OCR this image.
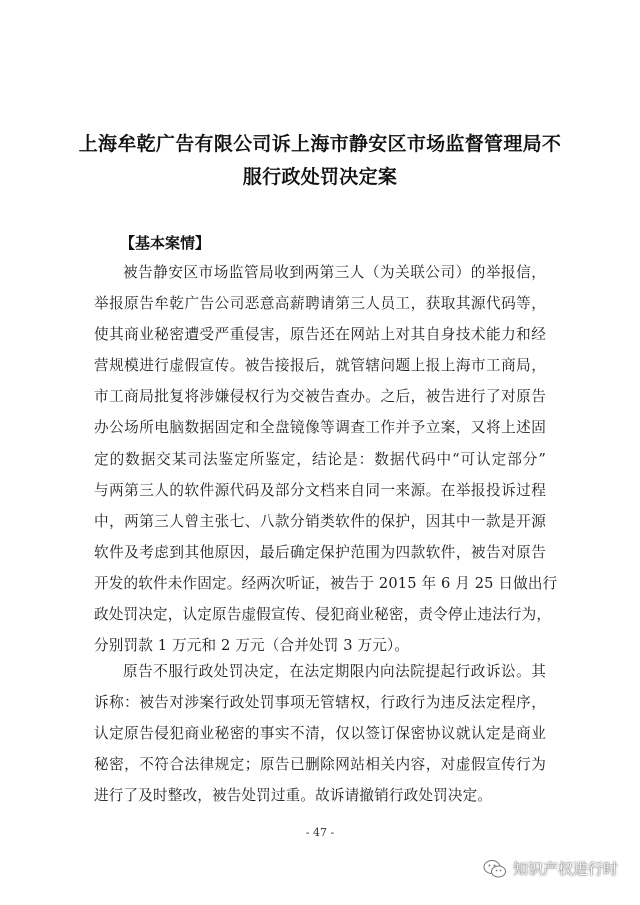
上海牟乾广告有限公司诉上海市静安区市场监督管理局不
服行政处罚决定案
【基本案情】
被告静安区市场监管局收到两第三人（为关联公司）的举报信，
举报原告牟乾广告公司恶意高薪聘请第三人员工，获取其源代码等，
使其商业秘密遭受严重侵害，原告还在网站上对其自身技术能力和经
营规模进行虚假宣传。被告接报后，就管辖问题上报上海市工商局，
市工商局批复将涉嫌侵权行为交被告查办。之后，被告进行了对原告
办公场所电脑数据固定和全盘镜像等调查工作并予立案，又将上述固
定的数据交某司法鉴定所鉴定，结论是：数据代码中“可认定部分”
与两第三人的软件源代码及部分文档来自同一来源。在举报投诉过程
中，两第三人曾主张七、八款分销类软件的保护，因其中一款是开源
软件及考虑到其他原因，最后确定保护范围为四款软件，被告对原告
开发的软件未作固定。经两次听证，被告于 2015 年 6 月 25 日做出行
政处罚决定，认定原告虚假宣传、侵犯商业秘密，责令停止违法行为，
分别罚款 1 万元和 2 万元（合并处罚 3 万元）。
原告不服行政处罚决定，在法定期限内向法院提起行政诉讼。其
诉称：被告对涉案行政处罚事项无管辖权，行政行为违反法定程序，
认定原告侵犯商业秘密的事实不清，仅以签订保密协议就认定是商业
秘密，不符合法律规定；原告已删除网站相关内容，对虚假宣传行为
进行了及时整改，被告处罚过重。故诉请撤销行政处罚决定。
- 47 -
知识产权进行时
